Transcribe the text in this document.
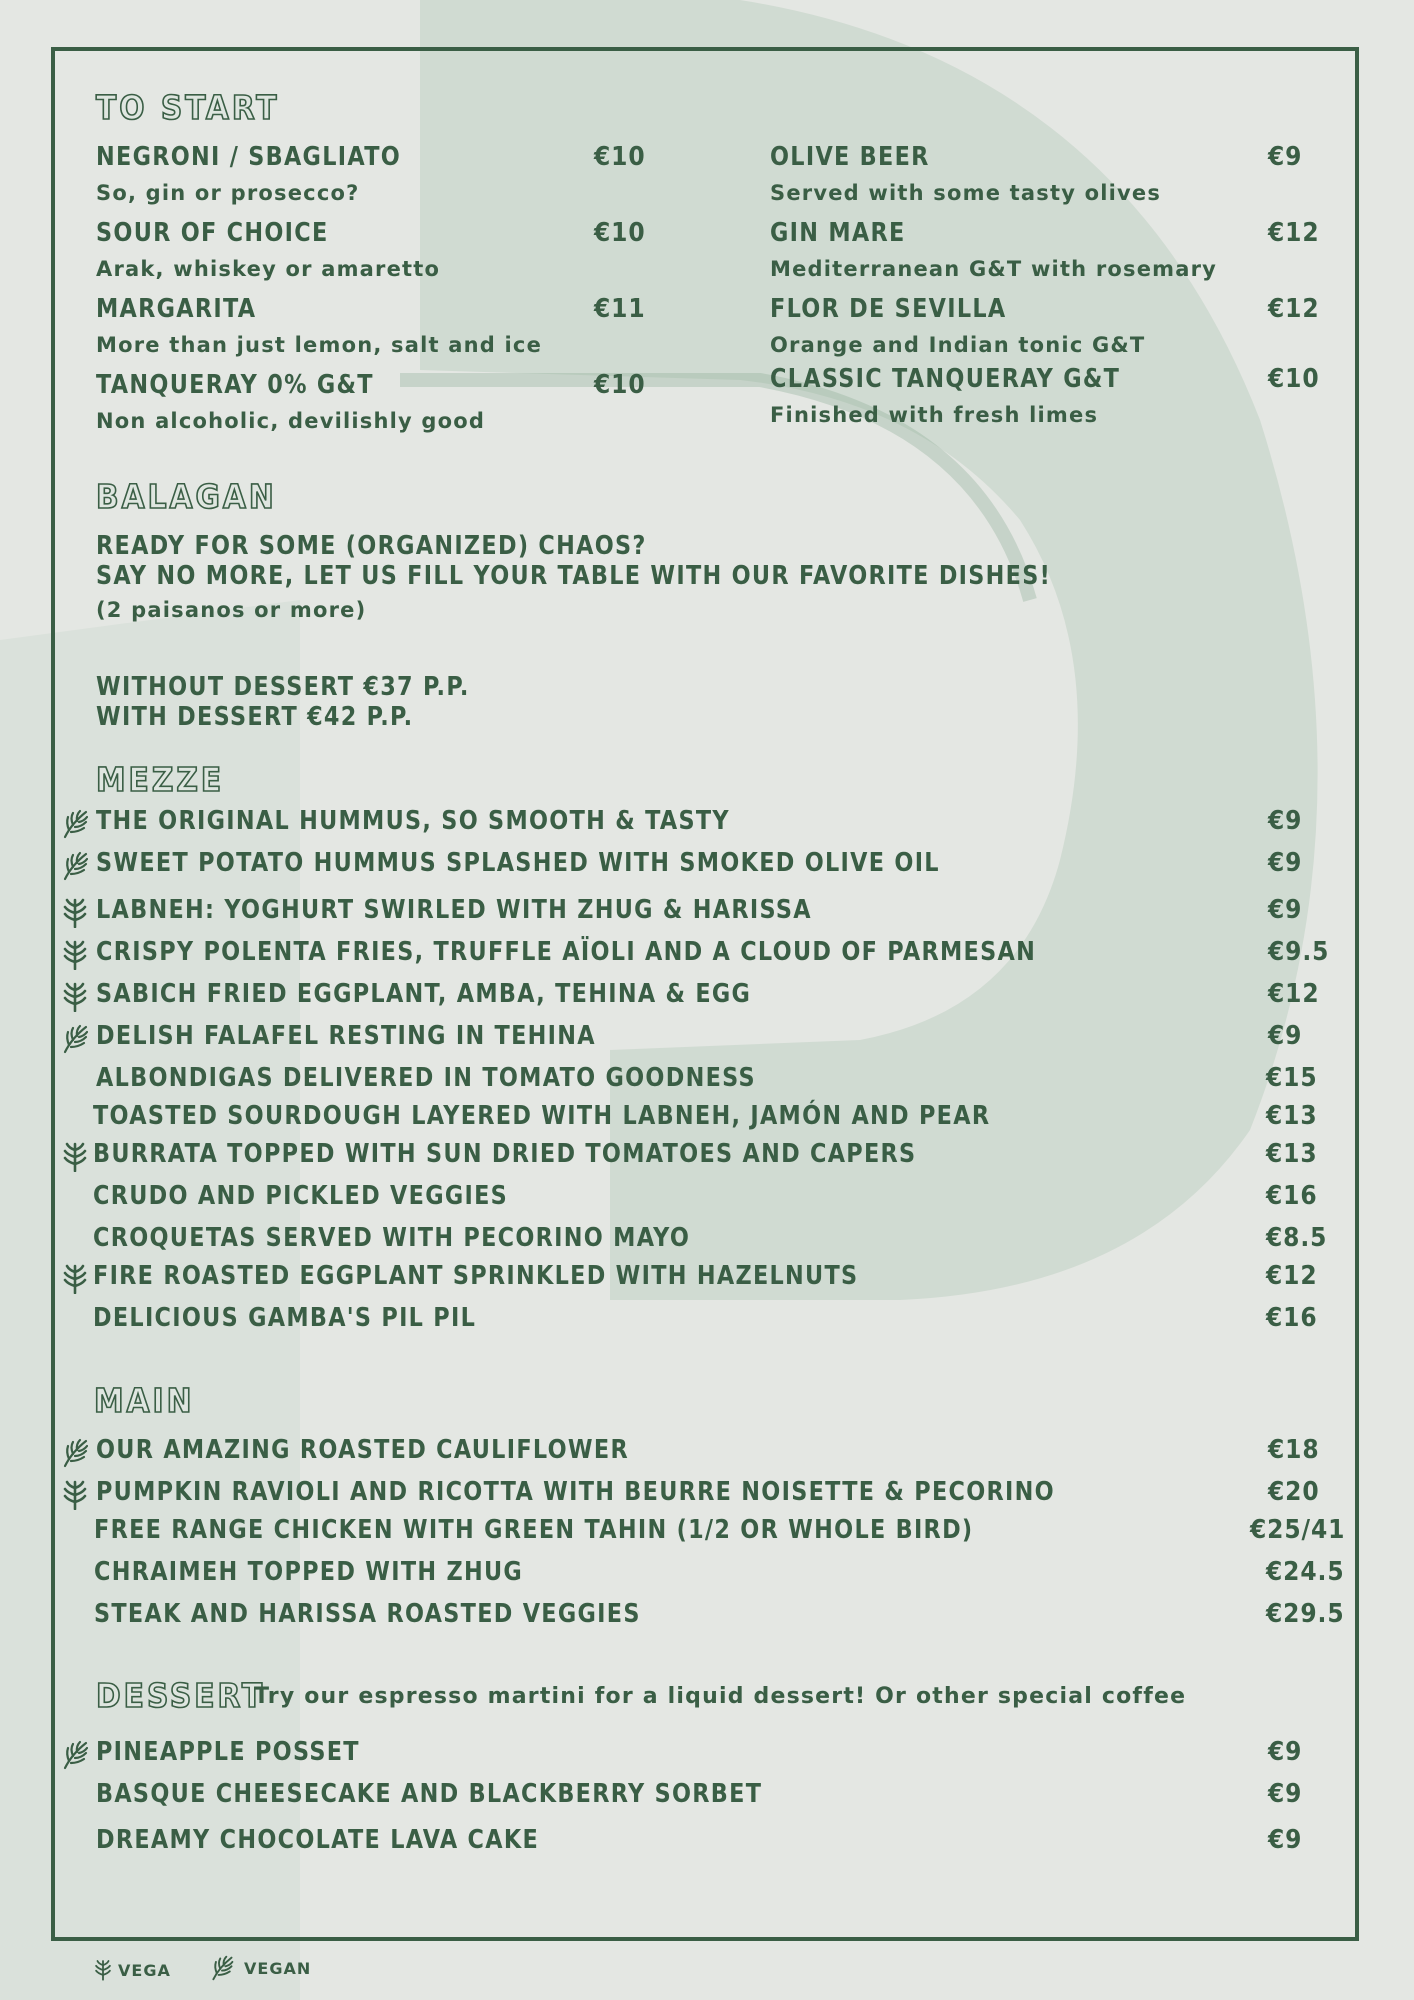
TO START
NEGRONI / SBAGLIATO	€10
So, gin or prosecco?
SOUR OF CHOICE	€10
Arak, whiskey or amaretto
MARGARITA	€11
More than just lemon, salt and ice
TANQUERAY 0% G&T	€10
Non alcoholic, devilishly good
OLIVE BEER	€9
Served with some tasty olives
GIN MARE	€12
Mediterranean G&T with rosemary
FLOR DE SEVILLA	€12
Orange and Indian tonic G&T
CLASSIC TANQUERAY G&T	€10
Finished with fresh limes
BALAGAN
READY FOR SOME (ORGANIZED) CHAOS?
SAY NO MORE, LET US FILL YOUR TABLE WITH OUR FAVORITE DISHES!
(2 paisanos or more)
WITHOUT DESSERT €37 P.P.
WITH DESSERT €42 P.P.
MEZZE
THE ORIGINAL HUMMUS, SO SMOOTH & TASTY	€9
SWEET POTATO HUMMUS SPLASHED WITH SMOKED OLIVE OIL	€9
LABNEH: YOGHURT SWIRLED WITH ZHUG & HARISSA	€9
CRISPY POLENTA FRIES, TRUFFLE AÏOLI AND A CLOUD OF PARMESAN	€9.5
SABICH FRIED EGGPLANT, AMBA, TEHINA & EGG	€12
DELISH FALAFEL RESTING IN TEHINA	€9
ALBONDIGAS DELIVERED IN TOMATO GOODNESS	€15
TOASTED SOURDOUGH LAYERED WITH LABNEH, JAMÓN AND PEAR	€13
BURRATA TOPPED WITH SUN DRIED TOMATOES AND CAPERS	€13
CRUDO AND PICKLED VEGGIES	€16
CROQUETAS SERVED WITH PECORINO MAYO	€8.5
FIRE ROASTED EGGPLANT SPRINKLED WITH HAZELNUTS	€12
DELICIOUS GAMBA'S PIL PIL	€16
MAIN
OUR AMAZING ROASTED CAULIFLOWER	€18
PUMPKIN RAVIOLI AND RICOTTA WITH BEURRE NOISETTE & PECORINO	€20
FREE RANGE CHICKEN WITH GREEN TAHIN (1/2 OR WHOLE BIRD)	€25/41
CHRAIMEH TOPPED WITH ZHUG	€24.5
STEAK AND HARISSA ROASTED VEGGIES	€29.5
DESSERT
Try our espresso martini for a liquid dessert! Or other special coffee
PINEAPPLE POSSET	€9
BASQUE CHEESECAKE AND BLACKBERRY SORBET	€9
DREAMY CHOCOLATE LAVA CAKE	€9
VEGA	VEGAN
